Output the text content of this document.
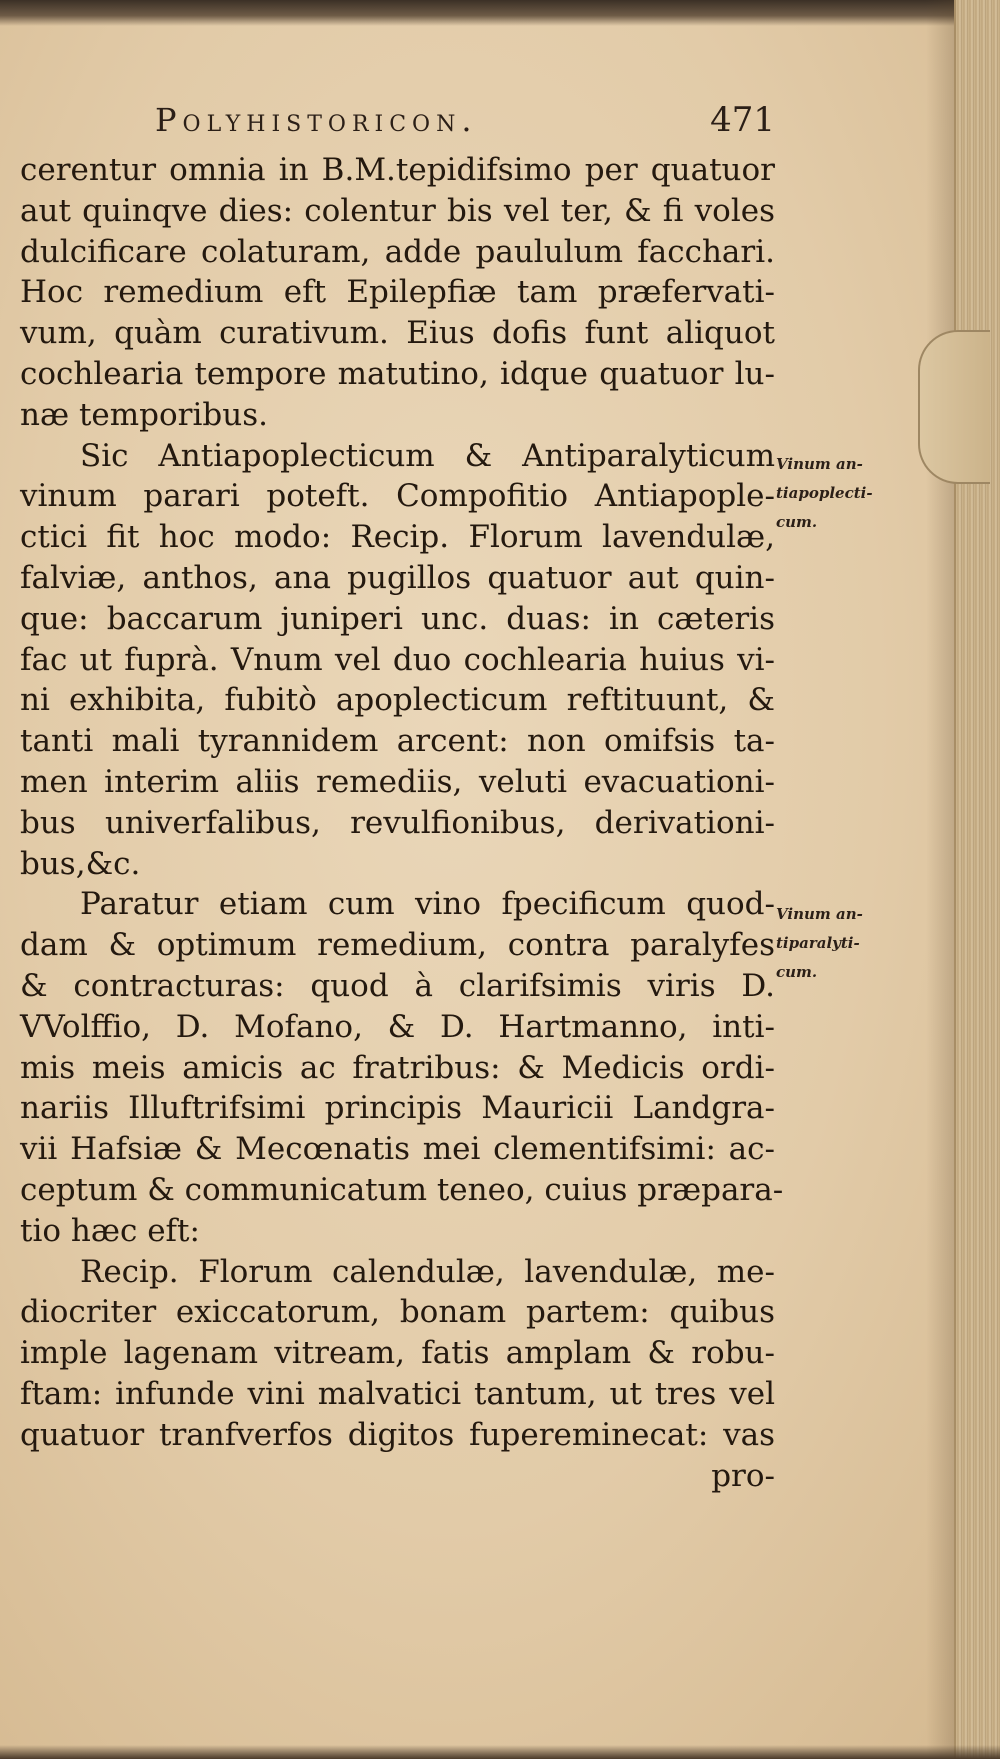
Polyhistoricon.	471
cerentur omnia in B.M.tepidifsimo per quatuor
aut quinqve dies: colentur bis vel ter, & fi voles
dulcificare colaturam, adde paululum facchari.
Hoc remedium eft Epilepfiæ tam præfervati-
vum, quàm curativum. Eius dofis funt aliquot
cochlearia tempore matutino, idque quatuor lu-
næ temporibus.
Sic Antiapoplecticum & Antiparalyticum
vinum parari poteft. Compofitio Antiapople-
ctici fit hoc modo: Recip. Florum lavendulæ,
falviæ, anthos, ana pugillos quatuor aut quin-
que: baccarum juniperi unc. duas: in cæteris
fac ut fuprà. Vnum vel duo cochlearia huius vi-
ni exhibita, fubitò apoplecticum reftituunt, &
tanti mali tyrannidem arcent: non omifsis ta-
men interim aliis remediis, veluti evacuationi-
bus univerfalibus, revulfionibus, derivationi-
bus,&c.
Paratur etiam cum vino fpecificum quod-
dam & optimum remedium, contra paralyfes
& contracturas: quod à clarifsimis viris D.
VVolffio, D. Mofano, & D. Hartmanno, inti-
mis meis amicis ac fratribus: & Medicis ordi-
nariis Illuftrifsimi principis Mauricii Landgra-
vii Hafsiæ & Mecœnatis mei clementifsimi: ac-
ceptum & communicatum teneo, cuius præpara-
tio hæc eft:
Recip. Florum calendulæ, lavendulæ, me-
diocriter exiccatorum, bonam partem: quibus
imple lagenam vitream, fatis amplam & robu-
ftam: infunde vini malvatici tantum, ut tres vel
quatuor tranfverfos digitos fupereminecat: vas
pro-
Vinum an-
tiapoplecti-
cum.
Vinum an-
tiparalyti-
cum.
